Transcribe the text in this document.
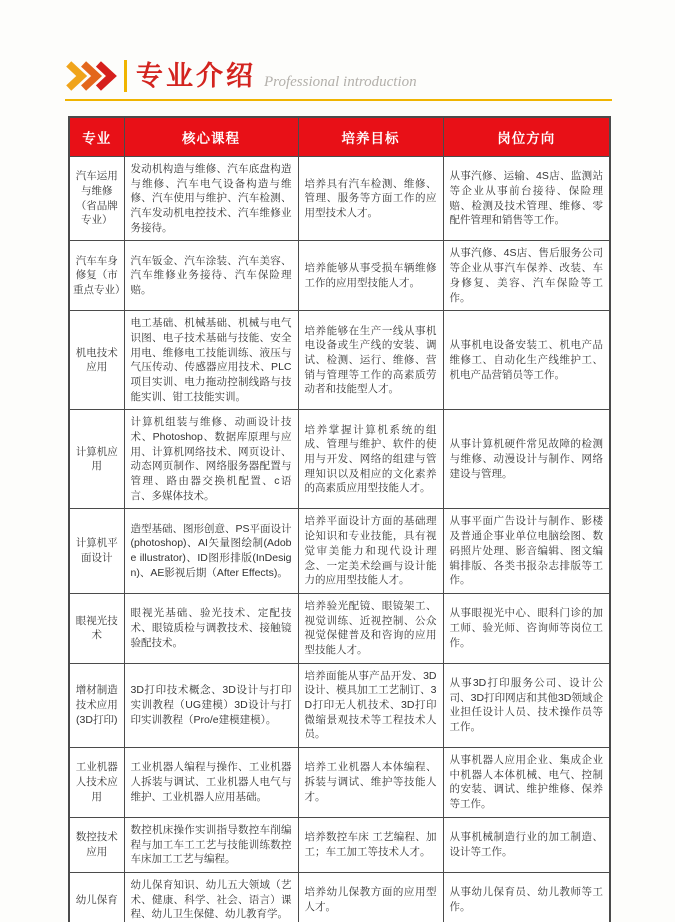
专业介绍 Professional introduction
专业	核心课程	培养目标	岗位方向
汽车运用与维修（省品牌专业）	发动机构造与维修、汽车底盘构造与维修、汽车电气设备构造与维修、汽车使用与维护、汽车检测、汽车发动机电控技术、汽车维修业务接待。	培养具有汽车检测、维修、管理、服务等方面工作的应用型技术人才。	从事汽修、运输、4S店、监测站等企业从事前台接待、保险理赔、检测及技术管理、维修、零配件管理和销售等工作。
汽车车身修复（市重点专业）	汽车钣金、汽车涂装、汽车美容、汽车维修业务接待、汽车保险理赔。	培养能够从事受损车辆维修工作的应用型技能人才。	从事汽修、4S店、售后服务公司等企业从事汽车保养、改装、车身修复、美容、汽车保险等工作。
机电技术应用	电工基础、机械基础、机械与电气识图、电子技术基础与技能、安全用电、维修电工技能训练、液压与气压传动、传感器应用技术、PLC项目实训、电力拖动控制线路与技能实训、钳工技能实训。	培养能够在生产一线从事机电设备或生产线的安装、调试、检测、运行、维修、营销与管理等工作的高素质劳动者和技能型人才。	从事机电设备安装工、机电产品维修工、自动化生产线维护工、机电产品营销员等工作。
计算机应用	计算机组装与维修、动画设计技术、Photoshop、数据库原理与应用、计算机网络技术、网页设计、动态网页制作、网络服务器配置与管理、路由器交换机配置、c语言、多媒体技术。	培养掌握计算机系统的组成、管理与维护、软件的使用与开发、网络的组建与管理知识以及相应的文化素养的高素质应用型技能人才。	从事计算机硬件常见故障的检测与维修、动漫设计与制作、网络建设与管理。
计算机平面设计	造型基础、图形创意、PS平面设计(photoshop)、AI矢量图绘制(Adobe illustrator)、ID图形排版(InDesign)、AE影视后期（After Effects)。	培养平面设计方面的基础理论知识和专业技能，具有视觉审美能力和现代设计理念、一定美术绘画与设计能力的应用型技能人才。	从事平面广告设计与制作、影楼及普通企事业单位电脑绘图、数码照片处理、影音编辑、图文编辑排版、各类书报杂志排版等工作。
眼视光技术	眼视光基础、验光技术、定配技术、眼镜质检与调教技术、接触镜验配技术。	培养验光配镜、眼镜架工、视觉训练、近视控制、公众视觉保健普及和咨询的应用型技能人才。	从事眼视光中心、眼科门诊的加工师、验光师、咨询师等岗位工作。
增材制造技术应用(3D打印)	3D打印技术概念、3D设计与打印实训教程（UG建模）3D设计与打印实训教程（Pro/e建模建模）。	培养面能从事产品开发、3D设计、模具加工工艺制订、3D打印无人机技术、3D打印微缩景观技术等工程技术人员。	从事3D打印服务公司、设计公司、3D打印网店和其他3D领域企业担任设计人员、技术操作员等工作。
工业机器人技术应用	工业机器人编程与操作、工业机器人拆装与调试、工业机器人电气与维护、工业机器人应用基础。	培养工业机器人本体编程、拆装与调试、维护等技能人才。	从事机器人应用企业、集成企业中机器人本体机械、电气、控制的安装、调试、维护维修、保养等工作。
数控技术应用	数控机床操作实训指导数控车削编程与加工车工工艺与技能训练数控车床加工工艺与编程。	培养数控车床 工艺编程、加工；车工加工等技术人才。	从事机械制造行业的加工制造、设计等工作。
幼儿保育	幼儿保育知识、幼儿五大领域（艺术、健康、科学、社会、语言）课程、幼儿卫生保健、幼儿教育学。	培养幼儿保教方面的应用型人才。	从事幼儿保育员、幼儿教师等工作。
